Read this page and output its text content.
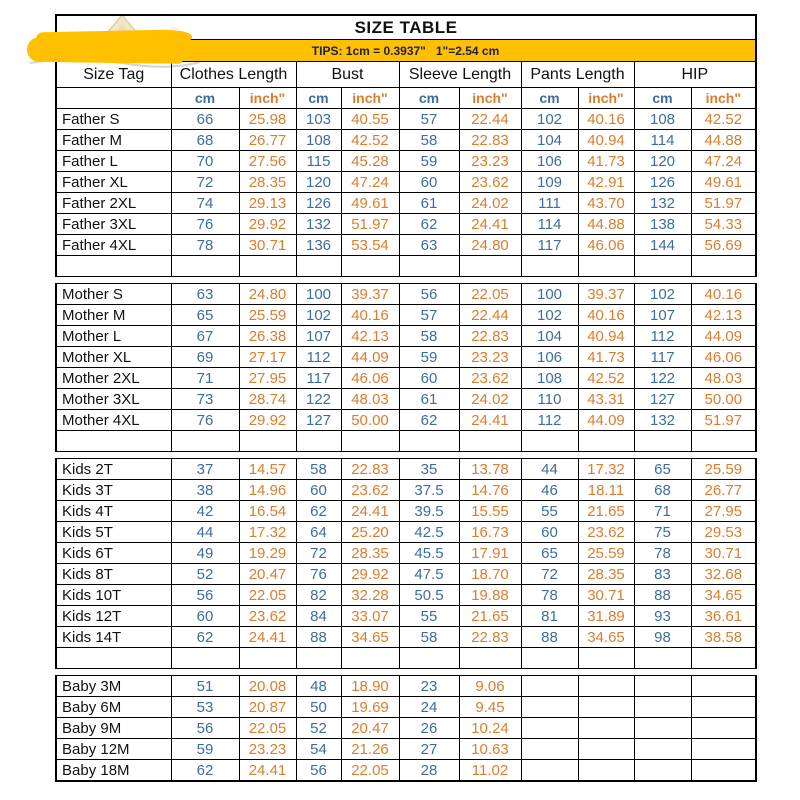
SIZE TABLE										
TIPS: 1cm = 0.3937"   1"=2.54 cm										
Size Tag	Clothes Length		Bust		Sleeve Length		Pants Length		HIP	
	cm	inch"	cm	inch"	cm	inch"	cm	inch"	cm	inch"
Father S	66	25.98	103	40.55	57	22.44	102	40.16	108	42.52
Father M	68	26.77	108	42.52	58	22.83	104	40.94	114	44.88
Father L	70	27.56	115	45.28	59	23.23	106	41.73	120	47.24
Father XL	72	28.35	120	47.24	60	23.62	109	42.91	126	49.61
Father 2XL	74	29.13	126	49.61	61	24.02	111	43.70	132	51.97
Father 3XL	76	29.92	132	51.97	62	24.41	114	44.88	138	54.33
Father 4XL	78	30.71	136	53.54	63	24.80	117	46.06	144	56.69

Mother S	63	24.80	100	39.37	56	22.05	100	39.37	102	40.16
Mother M	65	25.59	102	40.16	57	22.44	102	40.16	107	42.13
Mother L	67	26.38	107	42.13	58	22.83	104	40.94	112	44.09
Mother XL	69	27.17	112	44.09	59	23.23	106	41.73	117	46.06
Mother 2XL	71	27.95	117	46.06	60	23.62	108	42.52	122	48.03
Mother 3XL	73	28.74	122	48.03	61	24.02	110	43.31	127	50.00
Mother 4XL	76	29.92	127	50.00	62	24.41	112	44.09	132	51.97

Kids 2T	37	14.57	58	22.83	35	13.78	44	17.32	65	25.59
Kids 3T	38	14.96	60	23.62	37.5	14.76	46	18.11	68	26.77
Kids 4T	42	16.54	62	24.41	39.5	15.55	55	21.65	71	27.95
Kids 5T	44	17.32	64	25.20	42.5	16.73	60	23.62	75	29.53
Kids 6T	49	19.29	72	28.35	45.5	17.91	65	25.59	78	30.71
Kids 8T	52	20.47	76	29.92	47.5	18.70	72	28.35	83	32.68
Kids 10T	56	22.05	82	32.28	50.5	19.88	78	30.71	88	34.65
Kids 12T	60	23.62	84	33.07	55	21.65	81	31.89	93	36.61
Kids 14T	62	24.41	88	34.65	58	22.83	88	34.65	98	38.58

Baby 3M	51	20.08	48	18.90	23	9.06				
Baby 6M	53	20.87	50	19.69	24	9.45				
Baby 9M	56	22.05	52	20.47	26	10.24				
Baby 12M	59	23.23	54	21.26	27	10.63				
Baby 18M	62	24.41	56	22.05	28	11.02				
